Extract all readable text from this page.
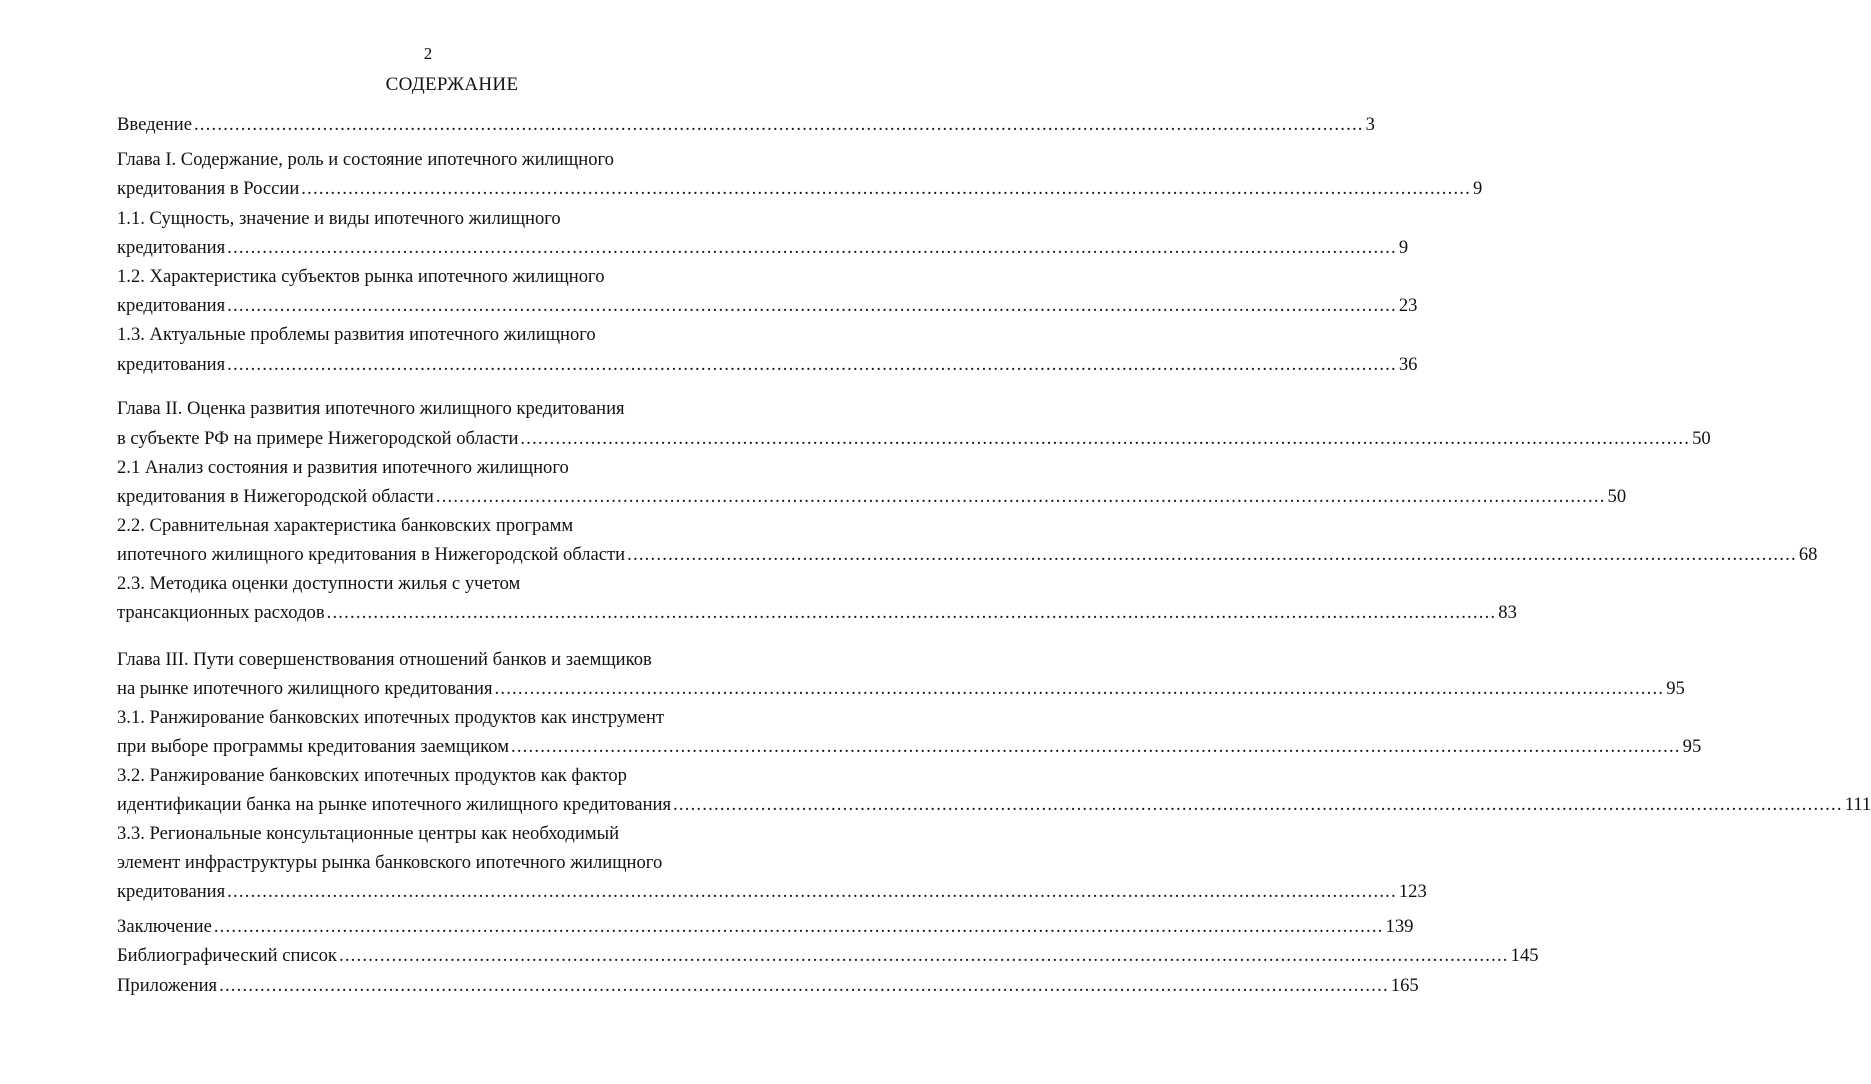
2
СОДЕРЖАНИЕ
Введение ........................................................................................................................................................................................................ 3
Глава I. Содержание, роль и состояние ипотечного жилищного
кредитования в России ........................................................................................................................................................................................................ 9
1.1. Сущность, значение и виды ипотечного жилищного
кредитования ........................................................................................................................................................................................................ 9
1.2. Характеристика субъектов рынка ипотечного жилищного
кредитования ........................................................................................................................................................................................................ 23
1.3. Актуальные проблемы развития ипотечного жилищного
кредитования ........................................................................................................................................................................................................ 36
Глава II. Оценка развития ипотечного жилищного кредитования
в субъекте РФ на примере Нижегородской области ........................................................................................................................................................................................................ 50
2.1 Анализ состояния и развития ипотечного жилищного
кредитования в Нижегородской области ........................................................................................................................................................................................................ 50
2.2. Сравнительная характеристика банковских программ
ипотечного жилищного кредитования в Нижегородской области ........................................................................................................................................................................................................ 68
2.3. Методика оценки доступности жилья с учетом
трансакционных расходов ........................................................................................................................................................................................................ 83
Глава III. Пути совершенствования отношений банков и заемщиков
на рынке ипотечного жилищного кредитования ........................................................................................................................................................................................................ 95
3.1. Ранжирование банковских ипотечных продуктов как инструмент
при выборе программы кредитования заемщиком ........................................................................................................................................................................................................ 95
3.2. Ранжирование банковских ипотечных продуктов как фактор
идентификации банка на рынке ипотечного жилищного кредитования ........................................................................................................................................................................................................ 111
3.3. Региональные консультационные центры как необходимый
элемент инфраструктуры рынка банковского ипотечного жилищного
кредитования ........................................................................................................................................................................................................ 123
Заключение ........................................................................................................................................................................................................ 139
Библиографический список ........................................................................................................................................................................................................ 145
Приложения ........................................................................................................................................................................................................ 165
